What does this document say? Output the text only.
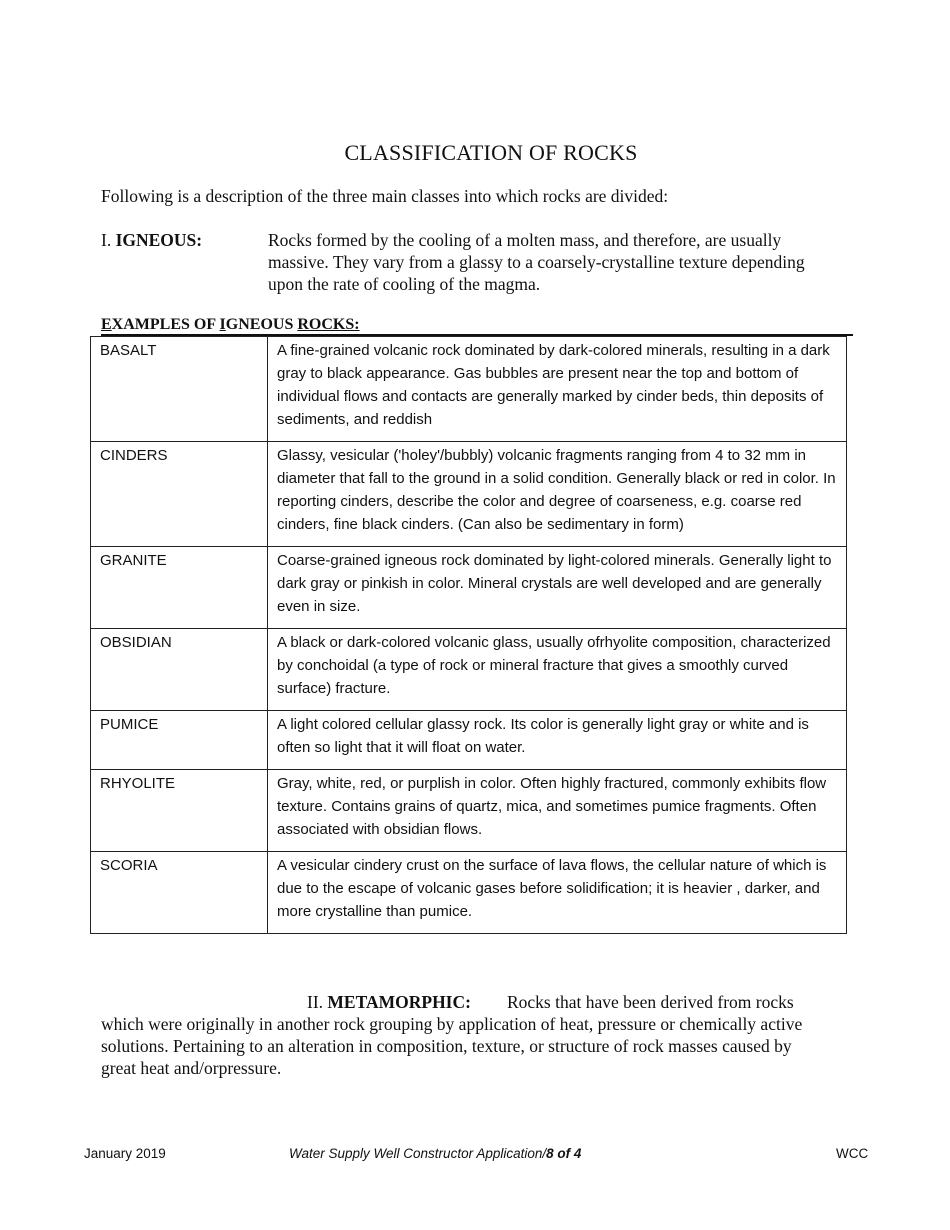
CLASSIFICATION OF ROCKS
Following is a description of the three main classes into which rocks are divided:
I. IGNEOUS:	Rocks formed by the cooling of a molten mass, and therefore, are usually massive. They vary from a glassy to a coarsely-crystalline texture depending upon the rate of cooling of the magma.
EXAMPLES OF IGNEOUS ROCKS:
BASALT	A fine-grained volcanic rock dominated by dark-colored minerals, resulting in a dark gray to black appearance. Gas bubbles are present near the top and bottom of individual flows and contacts are generally marked by cinder beds, thin deposits of sediments, and reddish
CINDERS	Glassy, vesicular ('holey'/bubbly) volcanic fragments ranging from 4 to 32 mm in diameter that fall to the ground in a solid condition. Generally black or red in color. In reporting cinders, describe the color and degree of coarseness, e.g. coarse red cinders, fine black cinders. (Can also be sedimentary in form)
GRANITE	Coarse-grained igneous rock dominated by light-colored minerals. Generally light to dark gray or pinkish in color. Mineral crystals are well developed and are generally even in size.
OBSIDIAN	A black or dark-colored volcanic glass, usually ofrhyolite composition, characterized by conchoidal (a type of rock or mineral fracture that gives a smoothly curved surface) fracture.
PUMICE	A light colored cellular glassy rock. Its color is generally light gray or white and is often so light that it will float on water.
RHYOLITE	Gray, white, red, or purplish in color. Often highly fractured, commonly exhibits flow texture. Contains grains of quartz, mica, and sometimes pumice fragments. Often associated with obsidian flows.
SCORIA	A vesicular cindery crust on the surface of lava flows, the cellular nature of which is due to the escape of volcanic gases before solidification; it is heavier , darker, and more crystalline than pumice.
II. METAMORPHIC: Rocks that have been derived from rocks which were originally in another rock grouping by application of heat, pressure or chemically active solutions. Pertaining to an alteration in composition, texture, or structure of rock masses caused by great heat and/orpressure.
January 2019	Water Supply Well Constructor Application/8 of 4	WCC
